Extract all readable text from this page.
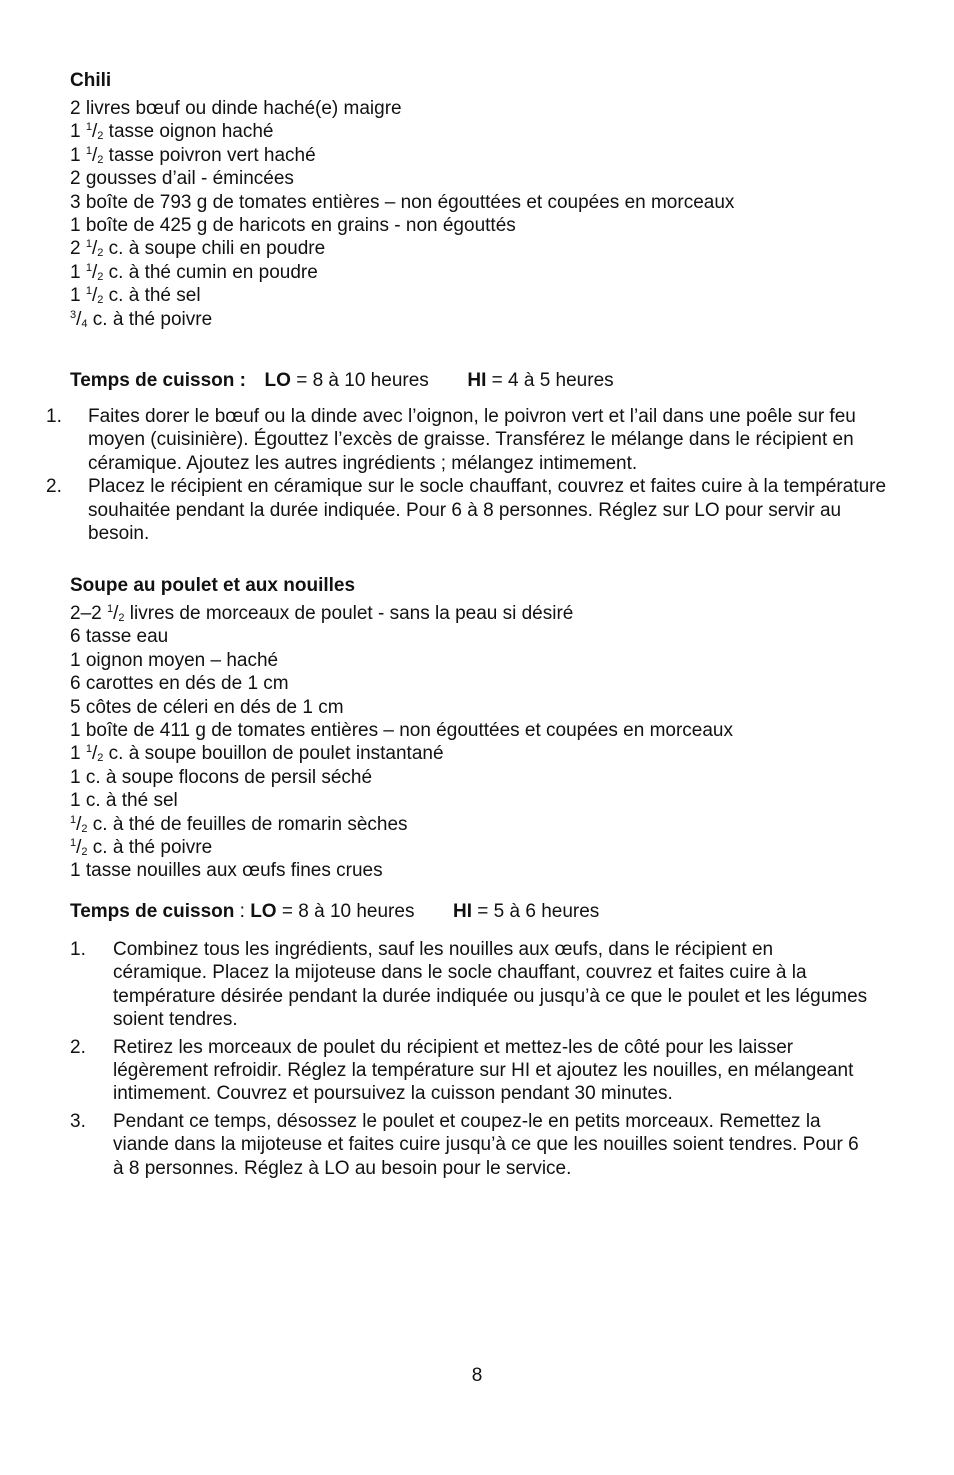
Chili
2 livres bœuf ou dinde haché(e) maigre
1 $^1/_2$ tasse oignon haché
1 $^1/_2$ tasse poivron vert haché
2 gousses d’ail - émincées
3 boîte de 793 g de tomates entières – non égouttées et coupées en morceaux
1 boîte de 425 g de haricots en grains - non égouttés
2 $^1/_2$ c. à soupe chili en poudre
1 $^1/_2$ c. à thé cumin en poudre
1 $^1/_2$ c. à thé sel
$^3/_4$ c. à thé poivre
Temps de cuisson : LO = 8 à 10 heures HI = 4 à 5 heures
1. Faites dorer le bœuf ou la dinde avec l’oignon, le poivron vert et l’ail dans une poêle sur feu moyen (cuisinière). Égouttez l’excès de graisse. Transférez le mélange dans le récipient en céramique. Ajoutez les autres ingrédients ; mélangez intimement.
2. Placez le récipient en céramique sur le socle chauffant, couvrez et faites cuire à la température souhaitée pendant la durée indiquée. Pour 6 à 8 personnes. Réglez sur LO pour servir au besoin.
Soupe au poulet et aux nouilles
2–2 $^1/_2$ livres de morceaux de poulet - sans la peau si désiré
6 tasse eau
1 oignon moyen – haché
6 carottes en dés de 1 cm
5 côtes de céleri en dés de 1 cm
1 boîte de 411 g de tomates entières – non égouttées et coupées en morceaux
1 $^1/_2$ c. à soupe bouillon de poulet instantané
1 c. à soupe flocons de persil séché
1 c. à thé sel
$^1/_2$ c. à thé de feuilles de romarin sèches
$^1/_2$ c. à thé poivre
1 tasse nouilles aux œufs fines crues
Temps de cuisson : LO = 8 à 10 heures HI = 5 à 6 heures
1. Combinez tous les ingrédients, sauf les nouilles aux œufs, dans le récipient en céramique. Placez la mijoteuse dans le socle chauffant, couvrez et faites cuire à la température désirée pendant la durée indiquée ou jusqu’à ce que le poulet et les légumes soient tendres.
2. Retirez les morceaux de poulet du récipient et mettez-les de côté pour les laisser légèrement refroidir. Réglez la température sur HI et ajoutez les nouilles, en mélangeant intimement. Couvrez et poursuivez la cuisson pendant 30 minutes.
3. Pendant ce temps, désossez le poulet et coupez-le en petits morceaux. Remettez la viande dans la mijoteuse et faites cuire jusqu’à ce que les nouilles soient tendres. Pour 6 à 8 personnes. Réglez à LO au besoin pour le service.
8
